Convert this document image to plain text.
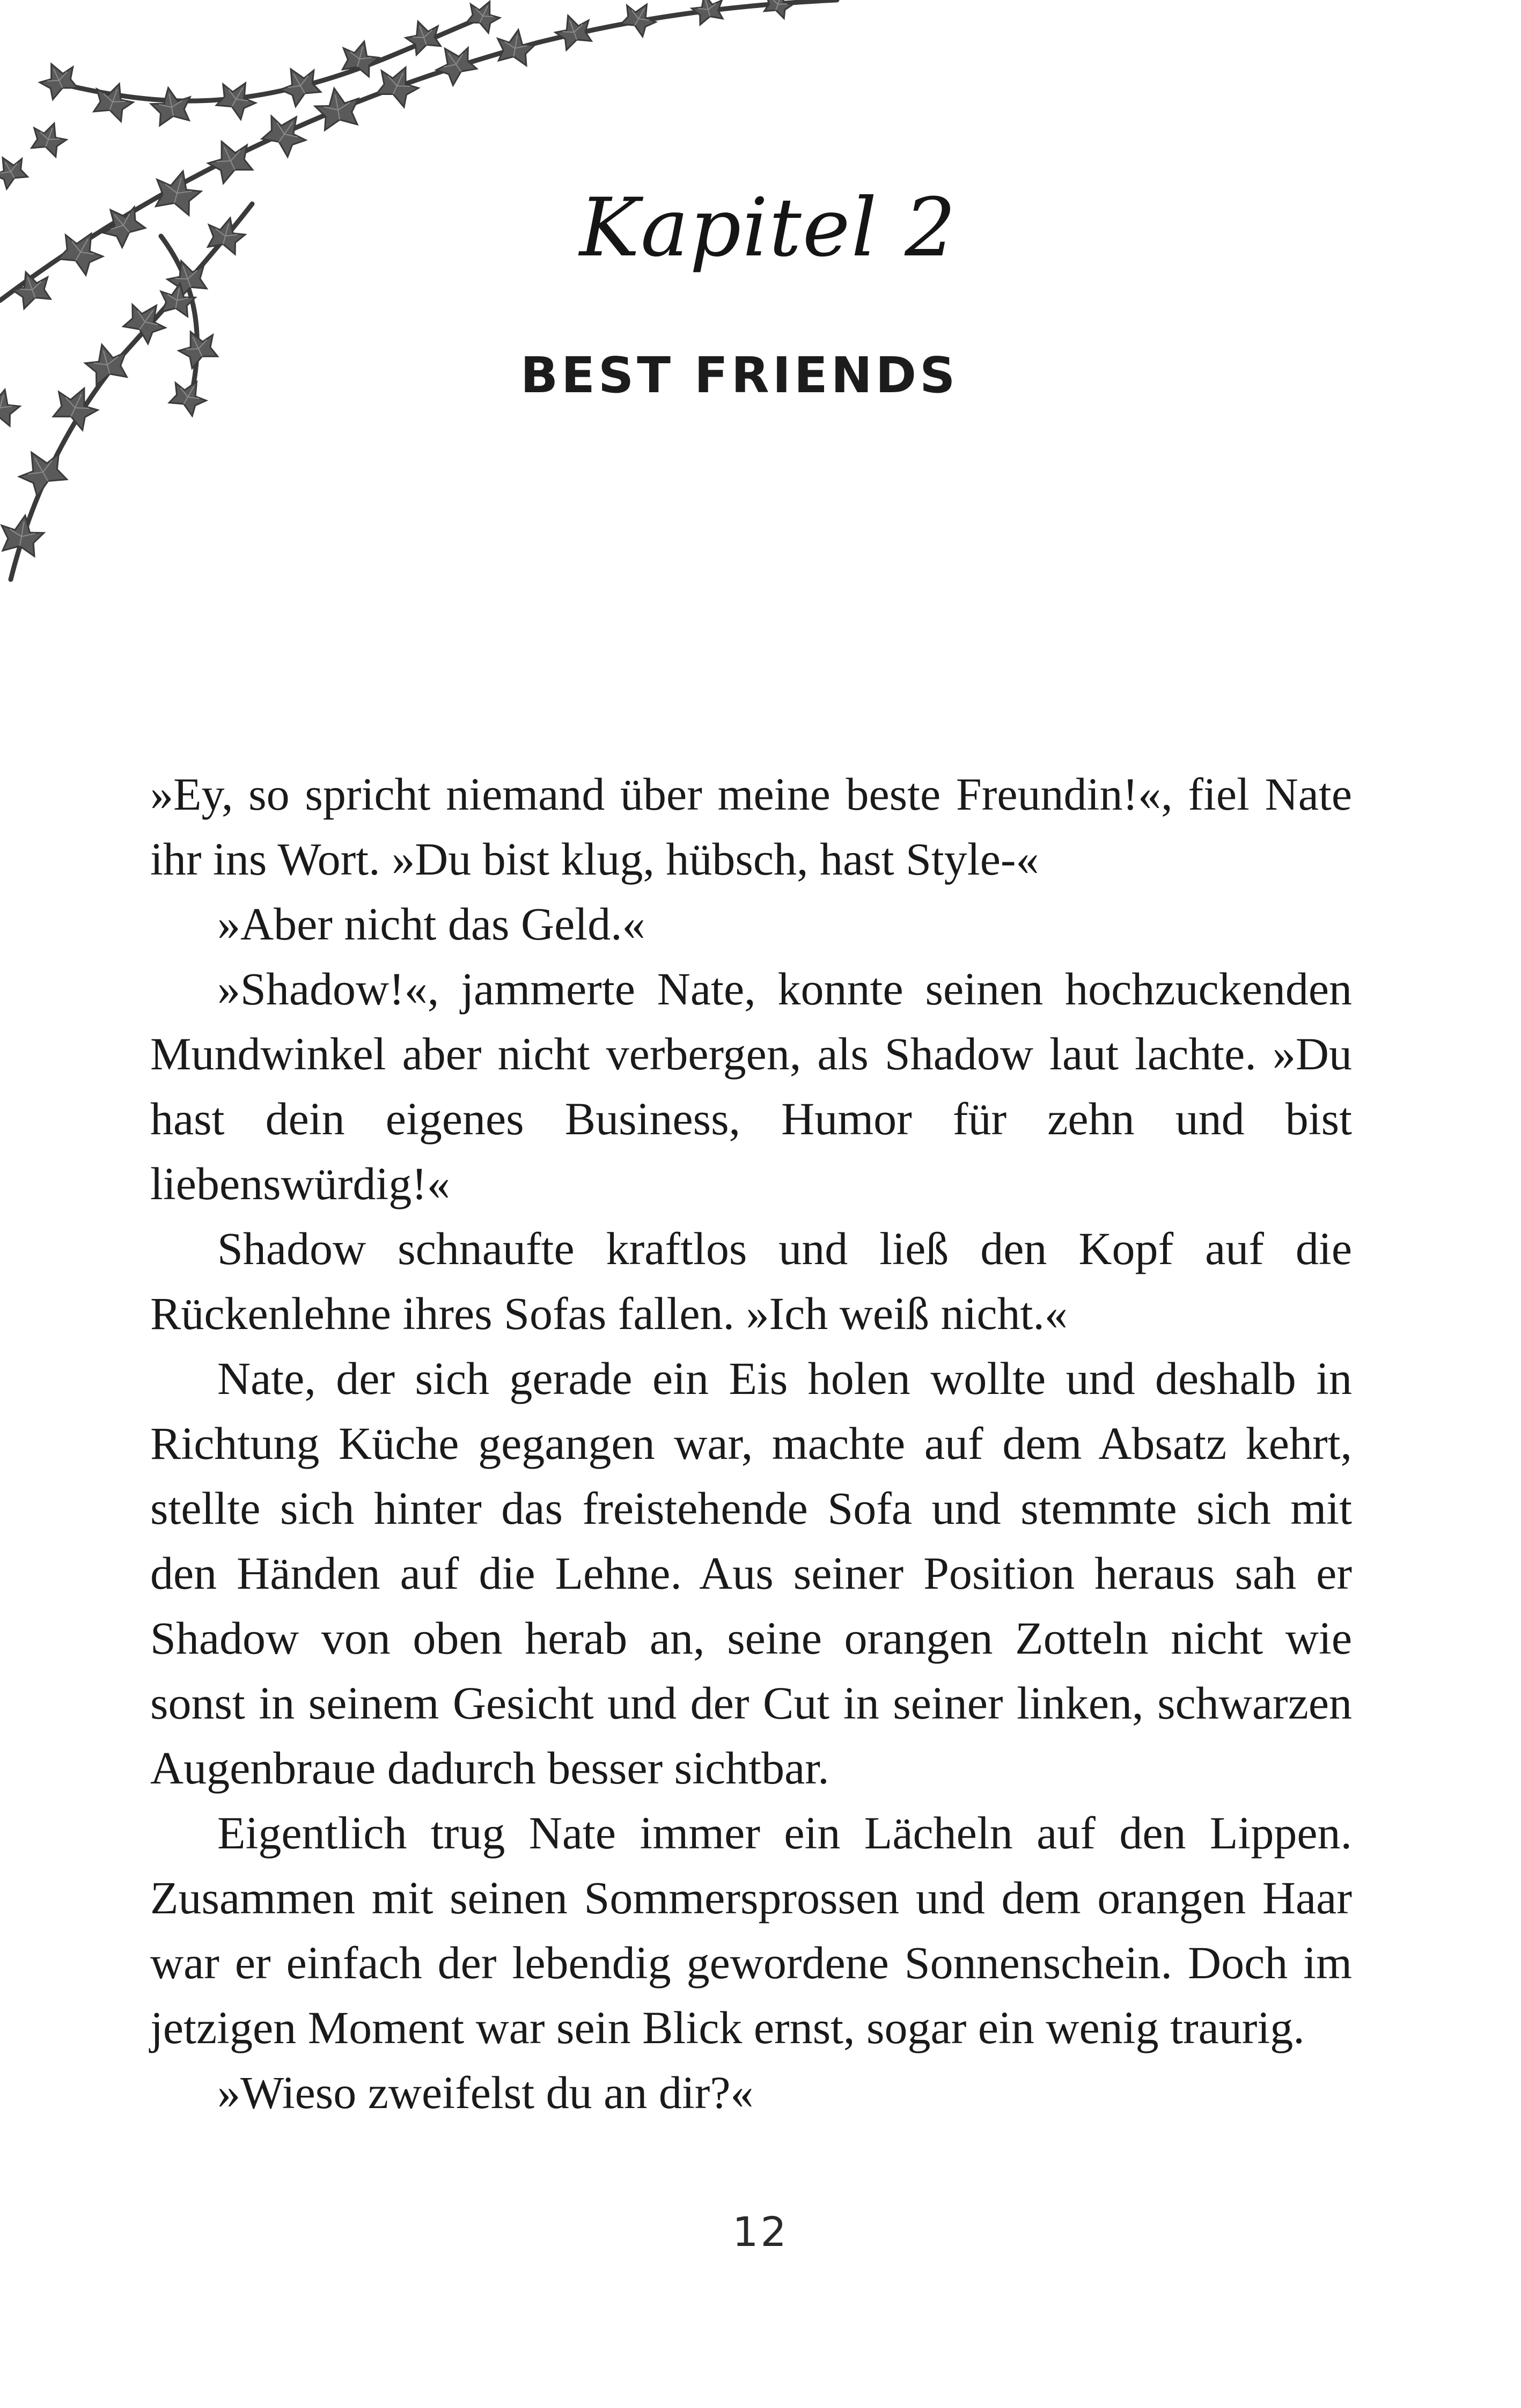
Kapitel 2
BEST FRIENDS

»Ey, so spricht niemand über meine beste Freundin!«, fiel Nate ihr ins Wort. »Du bist klug, hübsch, hast Style-«

»Aber nicht das Geld.«

»Shadow!«, jammerte Nate, konnte seinen hochzuckenden Mundwinkel aber nicht verbergen, als Shadow laut lachte. »Du hast dein eigenes Business, Humor für zehn und bist liebenswürdig!«

Shadow schnaufte kraftlos und ließ den Kopf auf die Rückenlehne ihres Sofas fallen. »Ich weiß nicht.«

Nate, der sich gerade ein Eis holen wollte und deshalb in Richtung Küche gegangen war, machte auf dem Absatz kehrt, stellte sich hinter das freistehende Sofa und stemmte sich mit den Händen auf die Lehne. Aus seiner Position heraus sah er Shadow von oben herab an, seine orangen Zotteln nicht wie sonst in seinem Gesicht und der Cut in seiner linken, schwarzen Augenbraue dadurch besser sichtbar.

Eigentlich trug Nate immer ein Lächeln auf den Lippen. Zusammen mit seinen Sommersprossen und dem orangen Haar war er einfach der lebendig gewordene Sonnenschein. Doch im jetzigen Moment war sein Blick ernst, sogar ein wenig traurig.

»Wieso zweifelst du an dir?«

12
